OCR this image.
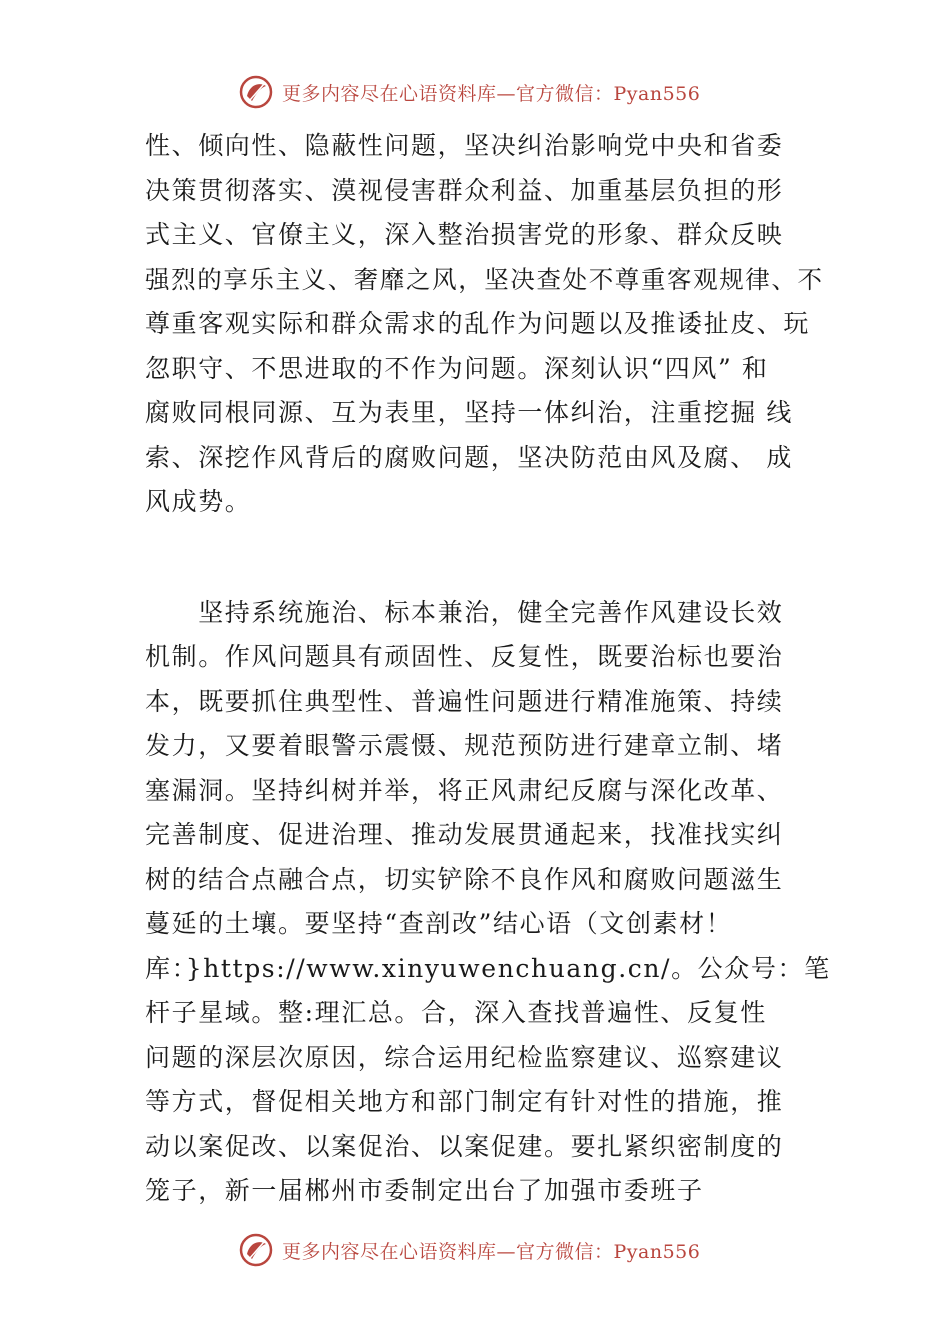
更多内容尽在心语资料库—官方微信：Pyan556

性、倾向性、隐蔽性问题，坚决纠治影响党中央和省委

决策贯彻落实、漠视侵害群众利益、加重基层负担的形

式主义、官僚主义，深入整治损害党的形象、群众反映

强烈的享乐主义、奢靡之风，坚决查处不尊重客观规律、不

尊重客观实际和群众需求的乱作为问题以及推诿扯皮、玩

忽职守、不思进取的不作为问题。深刻认识“四风” 和

腐败同根同源、互为表里，坚持一体纠治，注重挖掘 线

索、深挖作风背后的腐败问题，坚决防范由风及腐、 成

风成势。

　　坚持系统施治、标本兼治，健全完善作风建设长效

机制。作风问题具有顽固性、反复性，既要治标也要治

本，既要抓住典型性、普遍性问题进行精准施策、持续

发力，又要着眼警示震慑、规范预防进行建章立制、堵

塞漏洞。坚持纠树并举，将正风肃纪反腐与深化改革、

完善制度、促进治理、推动发展贯通起来，找准找实纠

树的结合点融合点，切实铲除不良作风和腐败问题滋生

蔓延的土壤。要坚持“查剖改”结心语（文创素材！

库：}https://www.xinyuwenchuang.cn/。公众号：笔

杆子星域。整:理汇总。合，深入查找普遍性、反复性

问题的深层次原因，综合运用纪检监察建议、巡察建议

等方式，督促相关地方和部门制定有针对性的措施，推

动以案促改、以案促治、以案促建。要扎紧织密制度的

笼子，新一届郴州市委制定出台了加强市委班子

更多内容尽在心语资料库—官方微信：Pyan556
